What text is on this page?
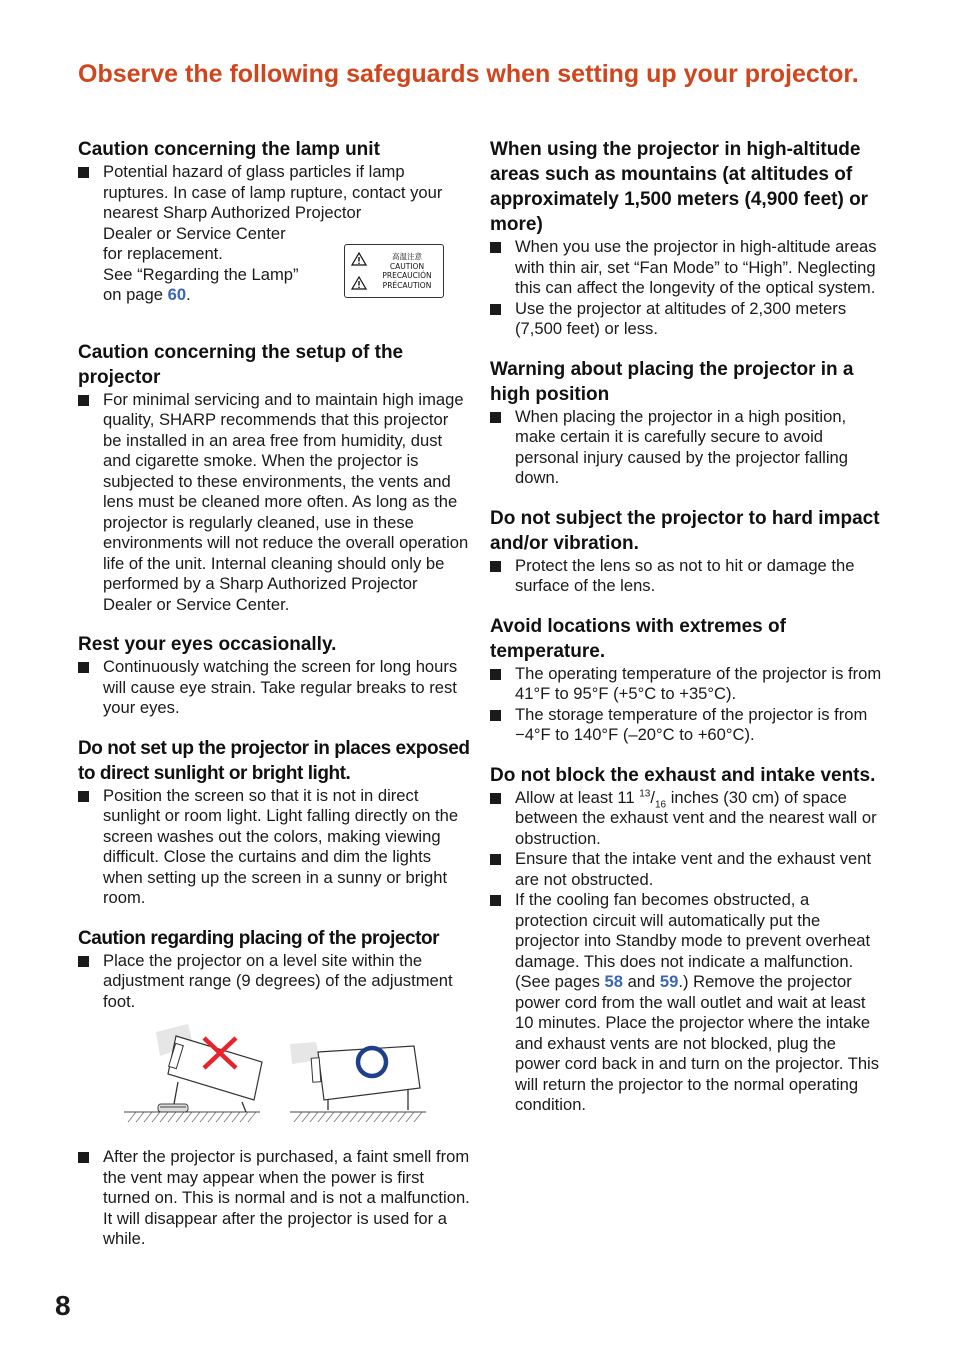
Observe the following safeguards when setting up your projector.
Caution concerning the lamp unit
Potential hazard of glass particles if lamp ruptures. In case of lamp rupture, contact your nearest Sharp Authorized Projector
Dealer or Service Center
for replacement.
See “Regarding the Lamp”
on page 60.
高温注意
CAUTION
PRECAUCIÓN
PRÉCAUTION
Caution concerning the setup of the projector
For minimal servicing and to maintain high image quality, SHARP recommends that this projector be installed in an area free from humidity, dust and cigarette smoke. When the projector is subjected to these environments, the vents and lens must be cleaned more often. As long as the projector is regularly cleaned, use in these environments will not reduce the overall operation life of the unit. Internal cleaning should only be performed by a Sharp Authorized Projector Dealer or Service Center.
Rest your eyes occasionally.
Continuously watching the screen for long hours will cause eye strain. Take regular breaks to rest your eyes.
Do not set up the projector in places exposed to direct sunlight or bright light.
Position the screen so that it is not in direct sunlight or room light. Light falling directly on the screen washes out the colors, making viewing difficult. Close the curtains and dim the lights when setting up the screen in a sunny or bright room.
Caution regarding placing of the projector
Place the projector on a level site within the adjustment range (9 degrees) of the adjustment foot.
After the projector is purchased, a faint smell from the vent may appear when the power is first turned on. This is normal and is not a malfunction. It will disappear after the projector is used for a while.
When using the projector in high-altitude areas such as mountains (at altitudes of approximately 1,500 meters (4,900 feet) or more)
When you use the projector in high-altitude areas with thin air, set “Fan Mode” to “High”. Neglecting this can affect the longevity of the optical system.
Use the projector at altitudes of 2,300 meters (7,500 feet) or less.
Warning about placing the projector in a high position
When placing the projector in a high position, make certain it is carefully secure to avoid personal injury caused by the projector falling down.
Do not subject the projector to hard impact and/or vibration.
Protect the lens so as not to hit or damage the surface of the lens.
Avoid locations with extremes of temperature.
The operating temperature of the projector is from 41°F to 95°F (+5°C to +35°C).
The storage temperature of the projector is from −4°F to 140°F (–20°C to +60°C).
Do not block the exhaust and intake vents.
Allow at least 11 $^{13}/_{16}$ inches (30 cm) of space between the exhaust vent and the nearest wall or obstruction.
Ensure that the intake vent and the exhaust vent are not obstructed.
If the cooling fan becomes obstructed, a protection circuit will automatically put the projector into Standby mode to prevent overheat damage. This does not indicate a malfunction. (See pages 58 and 59.) Remove the projector power cord from the wall outlet and wait at least 10 minutes. Place the projector where the intake and exhaust vents are not blocked, plug the power cord back in and turn on the projector. This will return the projector to the normal operating condition.
8
